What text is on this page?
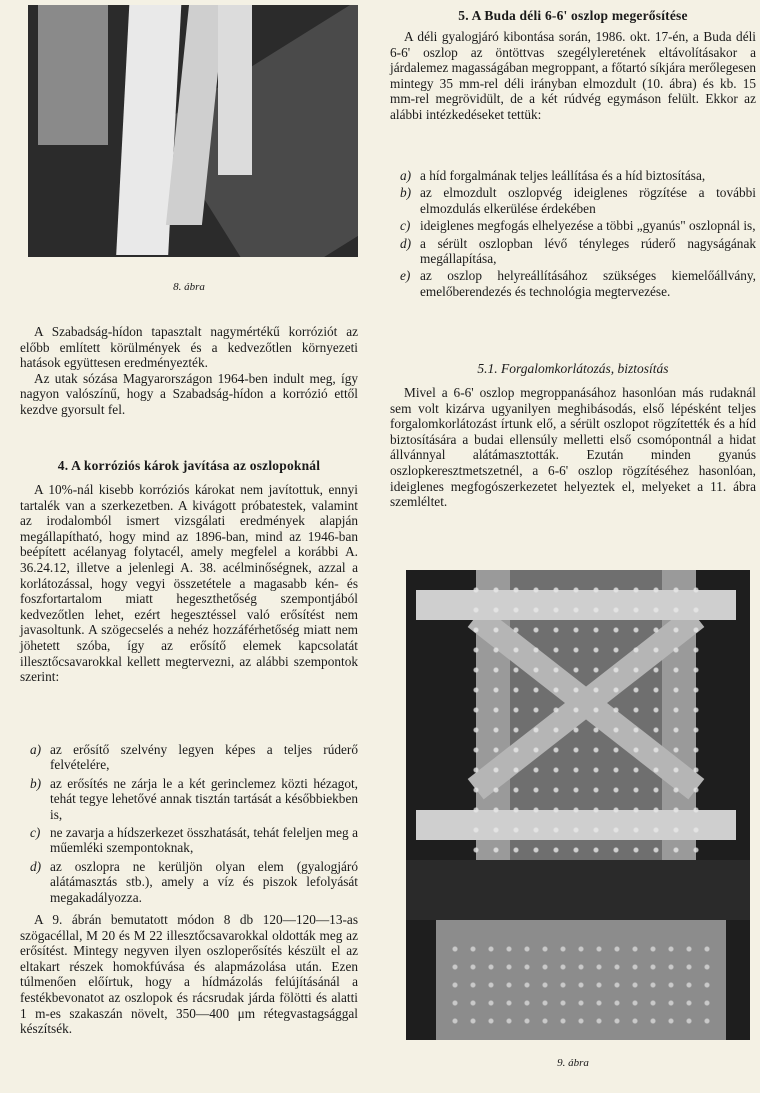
8. ábra

A Szabadság-hídon tapasztalt nagymértékű korróziót az előbb említett körülmények és a kedvezőtlen környezeti hatások együttesen eredményezték.

Az utak sózása Magyarországon 1964-ben indult meg, így nagyon valószínű, hogy a Szabadság-hídon a korrózió ettől kezdve gyorsult fel.

4. A korróziós károk javítása az oszlopoknál

A 10%-nál kisebb korróziós károkat nem javítottuk, ennyi tartalék van a szerkezetben. A kivágott próbatestek, valamint az irodalomból ismert vizsgálati eredmények alapján megállapítható, hogy mind az 1896-ban, mind az 1946-ban beépített acélanyag folytacél, amely megfelel a korábbi A. 36.24.12, illetve a jelenlegi A. 38. acélminőségnek, azzal a korlátozással, hogy vegyi összetétele a magasabb kén- és foszfortartalom miatt hegeszthetőség szempontjából kedvezőtlen lehet, ezért hegesztéssel való erősítést nem javasoltunk. A szögecselés a nehéz hozzáférhetőség miatt nem jöhetett szóba, így az erősítő elemek kapcsolatát illesztőcsavarokkal kellett megtervezni, az alábbi szempontok szerint:

a) az erősítő szelvény legyen képes a teljes rúderő felvételére,
b) az erősítés ne zárja le a két gerinclemez közti hézagot, tehát tegye lehetővé annak tisztán tartását a későbbiekben is,
c) ne zavarja a hídszerkezet összhatását, tehát feleljen meg a műemléki szempontoknak,
d) az oszlopra ne kerüljön olyan elem (gyalogjáró alátámasztás stb.), amely a víz és piszok lefolyását megakadályozza.

A 9. ábrán bemutatott módon 8 db 120—120—13-as szögacéllal, M 20 és M 22 illesztőcsavarokkal oldották meg az erősítést. Mintegy negyven ilyen oszloperősítés készült el az eltakart részek homokfúvása és alapmázolása után. Ezen túlmenően előírtuk, hogy a hídmázolás felújításánál a festékbevonatot az oszlopok és rácsrudak járda fölötti és alatti 1 m-es szakaszán növelt, 350—400 μm rétegvastagsággal készítsék.

5. A Buda déli 6-6' oszlop megerősítése

A déli gyalogjáró kibontása során, 1986. okt. 17-én, a Buda déli 6-6' oszlop az öntöttvas szegélyleretének eltávolításakor a járdalemez magasságában megroppant, a főtartó síkjára merőlegesen mintegy 35 mm-rel déli irányban elmozdult (10. ábra) és kb. 15 mm-rel megrövidült, de a két rúdvég egymáson felült. Ekkor az alábbi intézkedéseket tettük:

a) a híd forgalmának teljes leállítása és a híd biztosítása,
b) az elmozdult oszlopvég ideiglenes rögzítése a további elmozdulás elkerülése érdekében
c) ideiglenes megfogás elhelyezése a többi „gyanús" oszlopnál is,
d) a sérült oszlopban lévő tényleges rúderő nagyságának megállapítása,
e) az oszlop helyreállításához szükséges kiemelőállvány, emelőberendezés és technológia megtervezése.
5.1. Forgalomkorlátozás, biztosítás

Mivel a 6-6' oszlop megroppanásához hasonlóan más rudaknál sem volt kizárva ugyanilyen meghibásodás, első lépésként teljes forgalomkorlátozást írtunk elő, a sérült oszlopot rögzítették és a híd biztosítására a budai ellensúly melletti első csomópontnál a hidat állvánnyal alátámasztották. Ezután minden gyanús oszlopkeresztmetszetnél, a 6-6' oszlop rögzítéséhez hasonlóan, ideiglenes megfogószerkezetet helyeztek el, melyeket a 11. ábra szemléltet.

9. ábra
